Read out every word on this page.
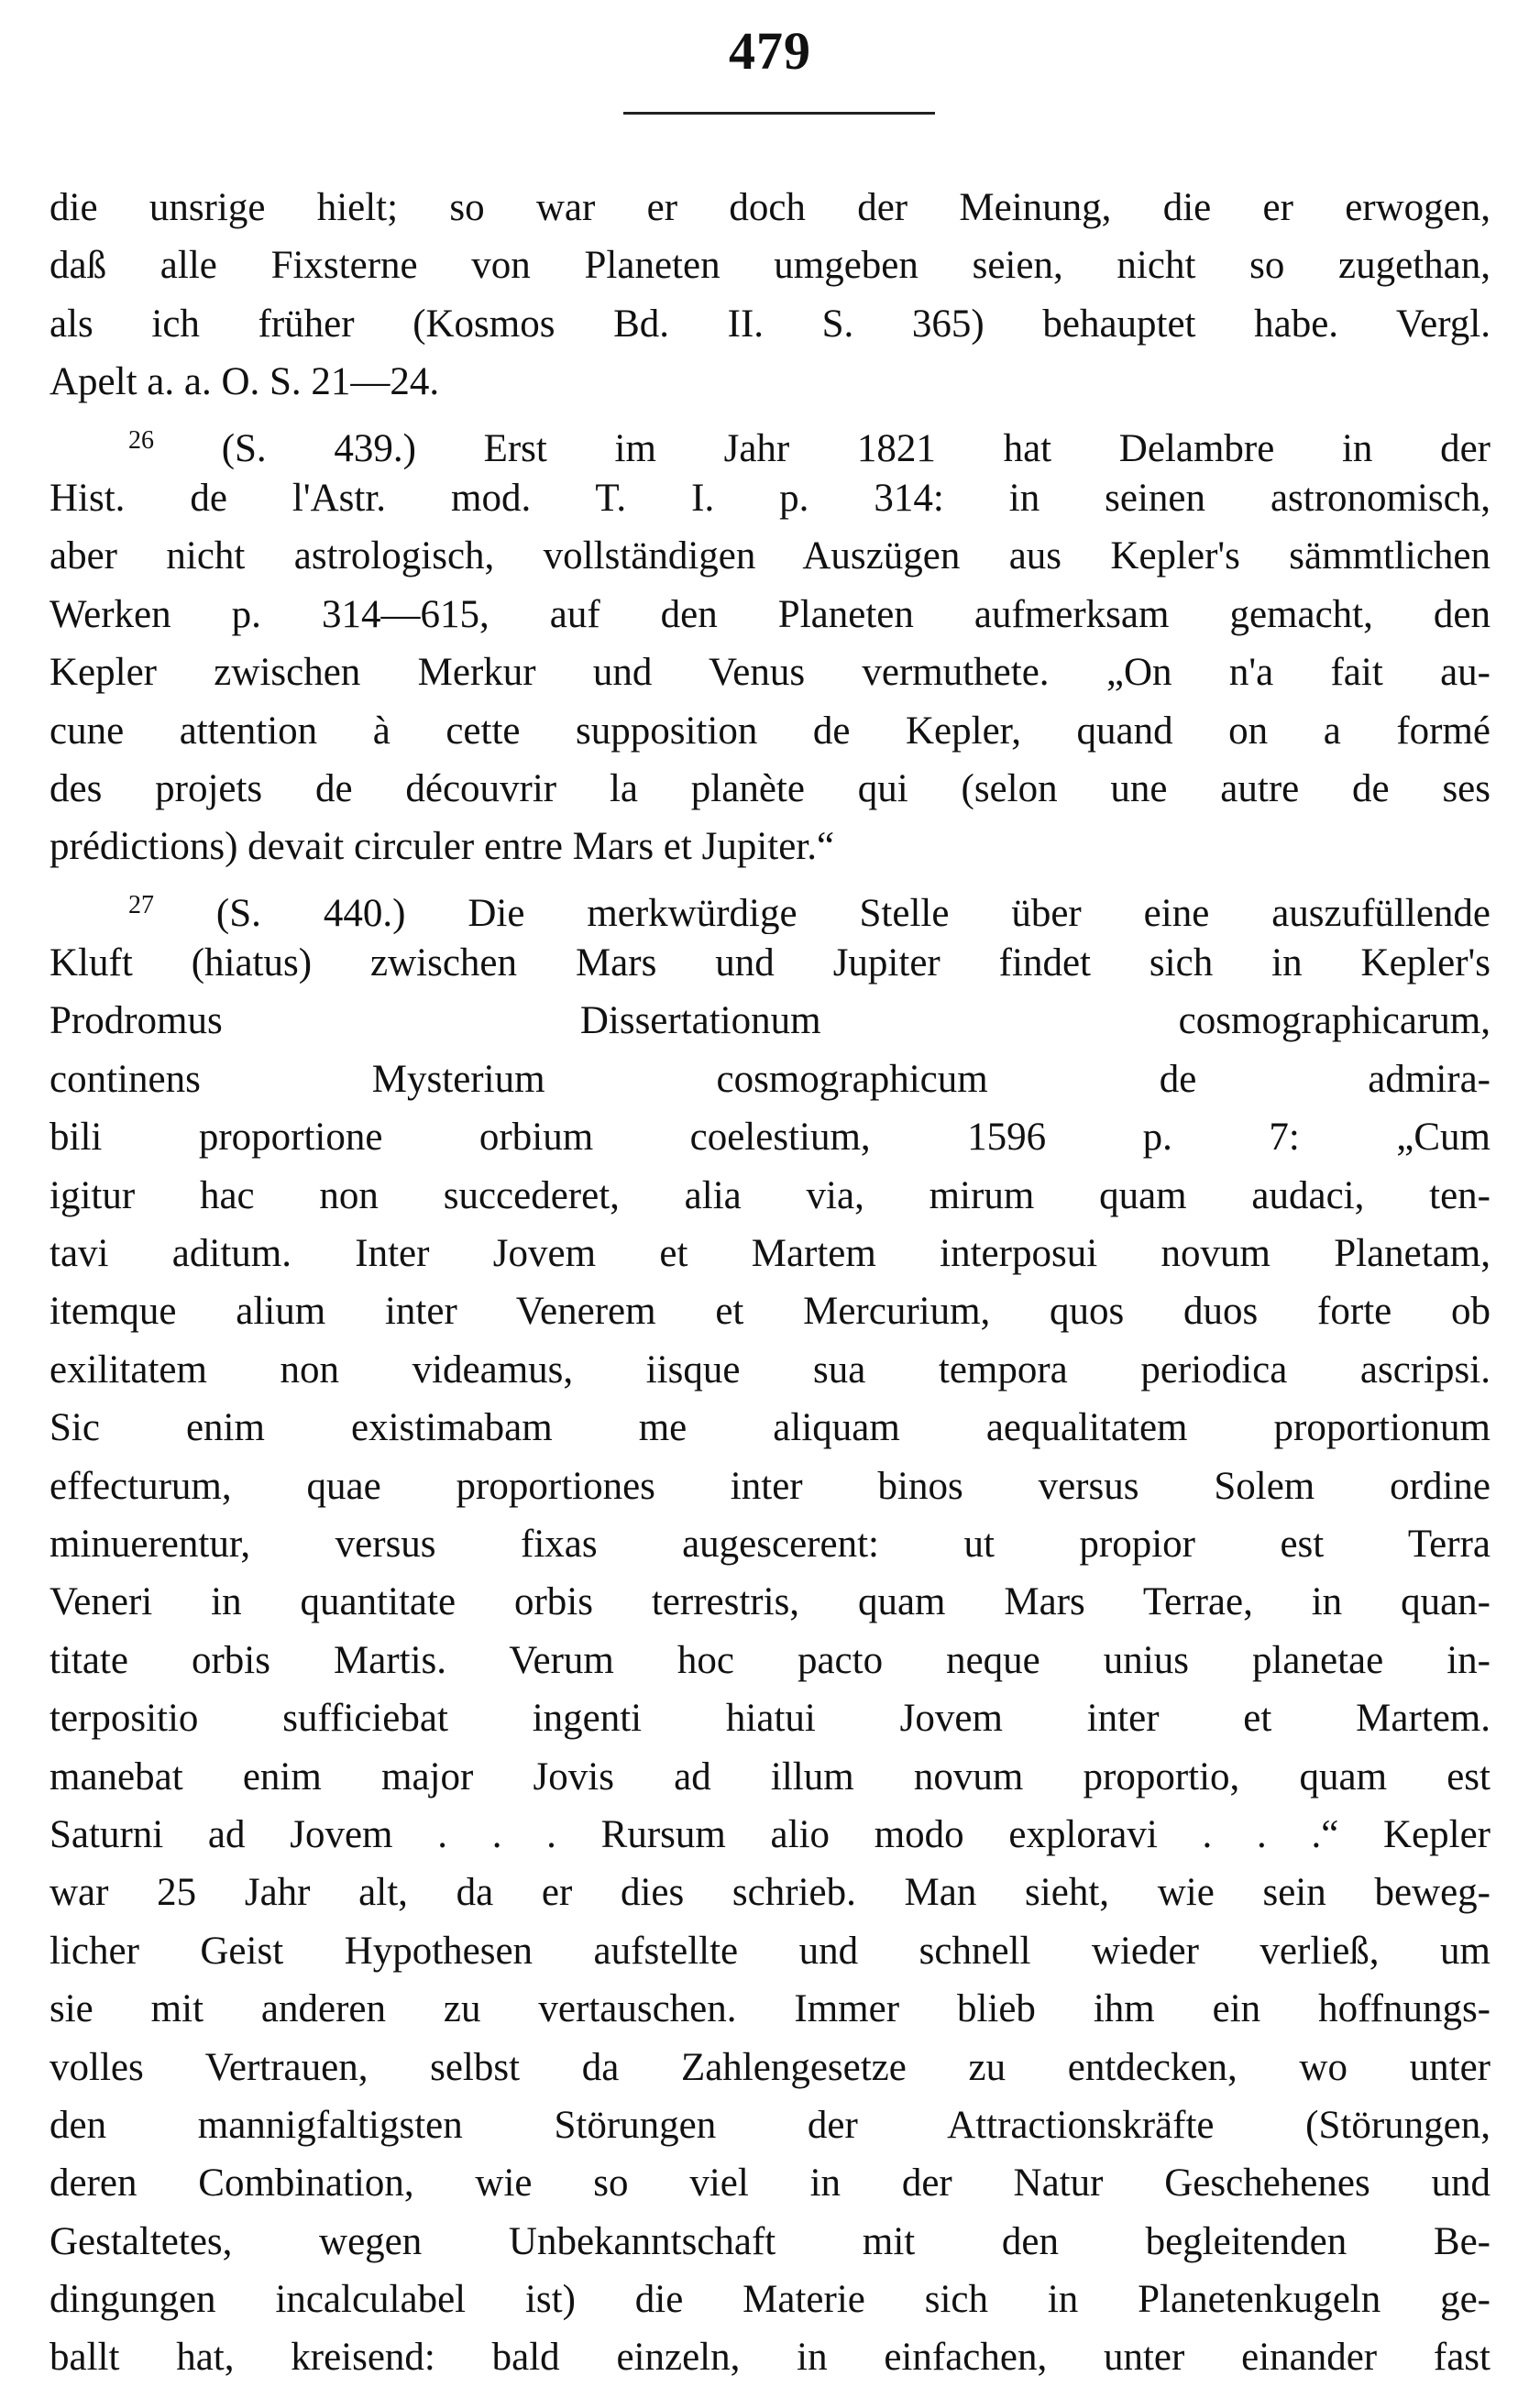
479
die unsrige hielt; so war er doch der Meinung, die er erwogen,
daß alle Fixsterne von Planeten umgeben seien, nicht so zugethan,
als ich früher (Kosmos Bd. II. S. 365) behauptet habe. Vergl.
Apelt a. a. O. S. 21—24.
$^{26}$ (S. 439.) Erst im Jahr 1821 hat Delambre in der
Hist. de l'Astr. mod. T. I. p. 314: in seinen astronomisch,
aber nicht astrologisch, vollständigen Auszügen aus Kepler's sämmtlichen
Werken p. 314—615, auf den Planeten aufmerksam gemacht, den
Kepler zwischen Merkur und Venus vermuthete. „On n'a fait au-
cune attention à cette supposition de Kepler, quand on a formé
des projets de découvrir la planète qui (selon une autre de ses
prédictions) devait circuler entre Mars et Jupiter.“
$^{27}$ (S. 440.) Die merkwürdige Stelle über eine auszufüllende
Kluft (hiatus) zwischen Mars und Jupiter findet sich in Kepler's
Prodromus Dissertationum cosmographicarum,
continens Mysterium cosmographicum de admira-
bili proportione orbium coelestium, 1596 p. 7: „Cum
igitur hac non succederet, alia via, mirum quam audaci, ten-
tavi aditum. Inter Jovem et Martem interposui novum Planetam,
itemque alium inter Venerem et Mercurium, quos duos forte ob
exilitatem non videamus, iisque sua tempora periodica ascripsi.
Sic enim existimabam me aliquam aequalitatem proportionum
effecturum, quae proportiones inter binos versus Solem ordine
minuerentur, versus fixas augescerent: ut propior est Terra
Veneri in quantitate orbis terrestris, quam Mars Terrae, in quan-
titate orbis Martis. Verum hoc pacto neque unius planetae in-
terpositio sufficiebat ingenti hiatui Jovem inter et Martem.
manebat enim major Jovis ad illum novum proportio, quam est
Saturni ad Jovem . . . Rursum alio modo exploravi . . .“ Kepler
war 25 Jahr alt, da er dies schrieb. Man sieht, wie sein beweg-
licher Geist Hypothesen aufstellte und schnell wieder verließ, um
sie mit anderen zu vertauschen. Immer blieb ihm ein hoffnungs-
volles Vertrauen, selbst da Zahlengesetze zu entdecken, wo unter
den mannigfaltigsten Störungen der Attractionskräfte (Störungen,
deren Combination, wie so viel in der Natur Geschehenes und
Gestaltetes, wegen Unbekanntschaft mit den begleitenden Be-
dingungen incalculabel ist) die Materie sich in Planetenkugeln ge-
ballt hat, kreisend: bald einzeln, in einfachen, unter einander fast
